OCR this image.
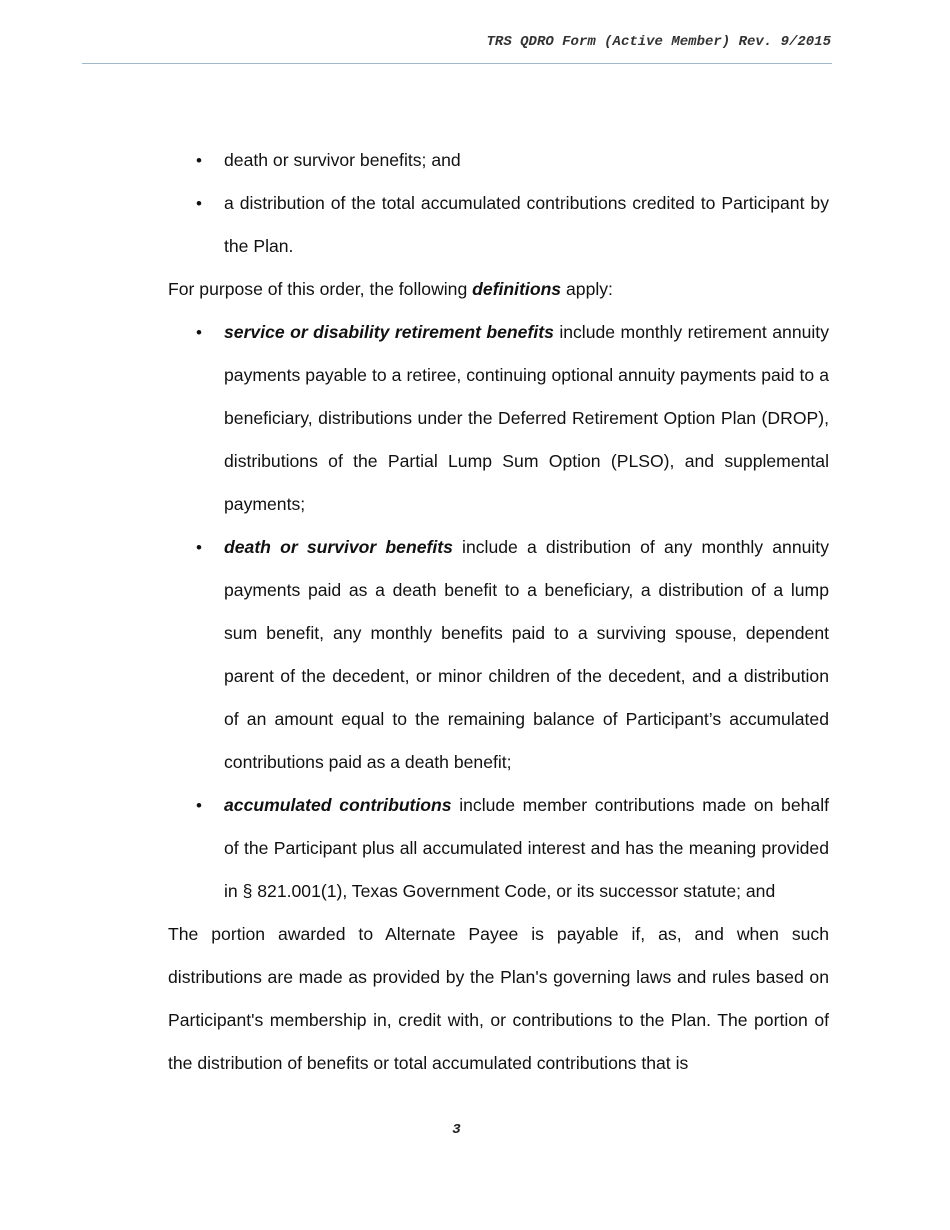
TRS QDRO Form (Active Member) Rev. 9/2015
• death or survivor benefits; and
• a distribution of the total accumulated contributions credited to Participant by the Plan.

For purpose of this order, the following definitions apply:

• service or disability retirement benefits include monthly retirement annuity payments payable to a retiree, continuing optional annuity payments paid to a beneficiary, distributions under the Deferred Retirement Option Plan (DROP), distributions of the Partial Lump Sum Option (PLSO), and supplemental payments;
• death or survivor benefits include a distribution of any monthly annuity payments paid as a death benefit to a beneficiary, a distribution of a lump sum benefit, any monthly benefits paid to a surviving spouse, dependent parent of the decedent, or minor children of the decedent, and a distribution of an amount equal to the remaining balance of Participant’s accumulated contributions paid as a death benefit;
• accumulated contributions include member contributions made on behalf of the Participant plus all accumulated interest and has the meaning provided in § 821.001(1), Texas Government Code, or its successor statute; and

The portion awarded to Alternate Payee is payable if, as, and when such distributions are made as provided by the Plan's governing laws and rules based on Participant's membership in, credit with, or contributions to the Plan. The portion of the distribution of benefits or total accumulated contributions that is

3
